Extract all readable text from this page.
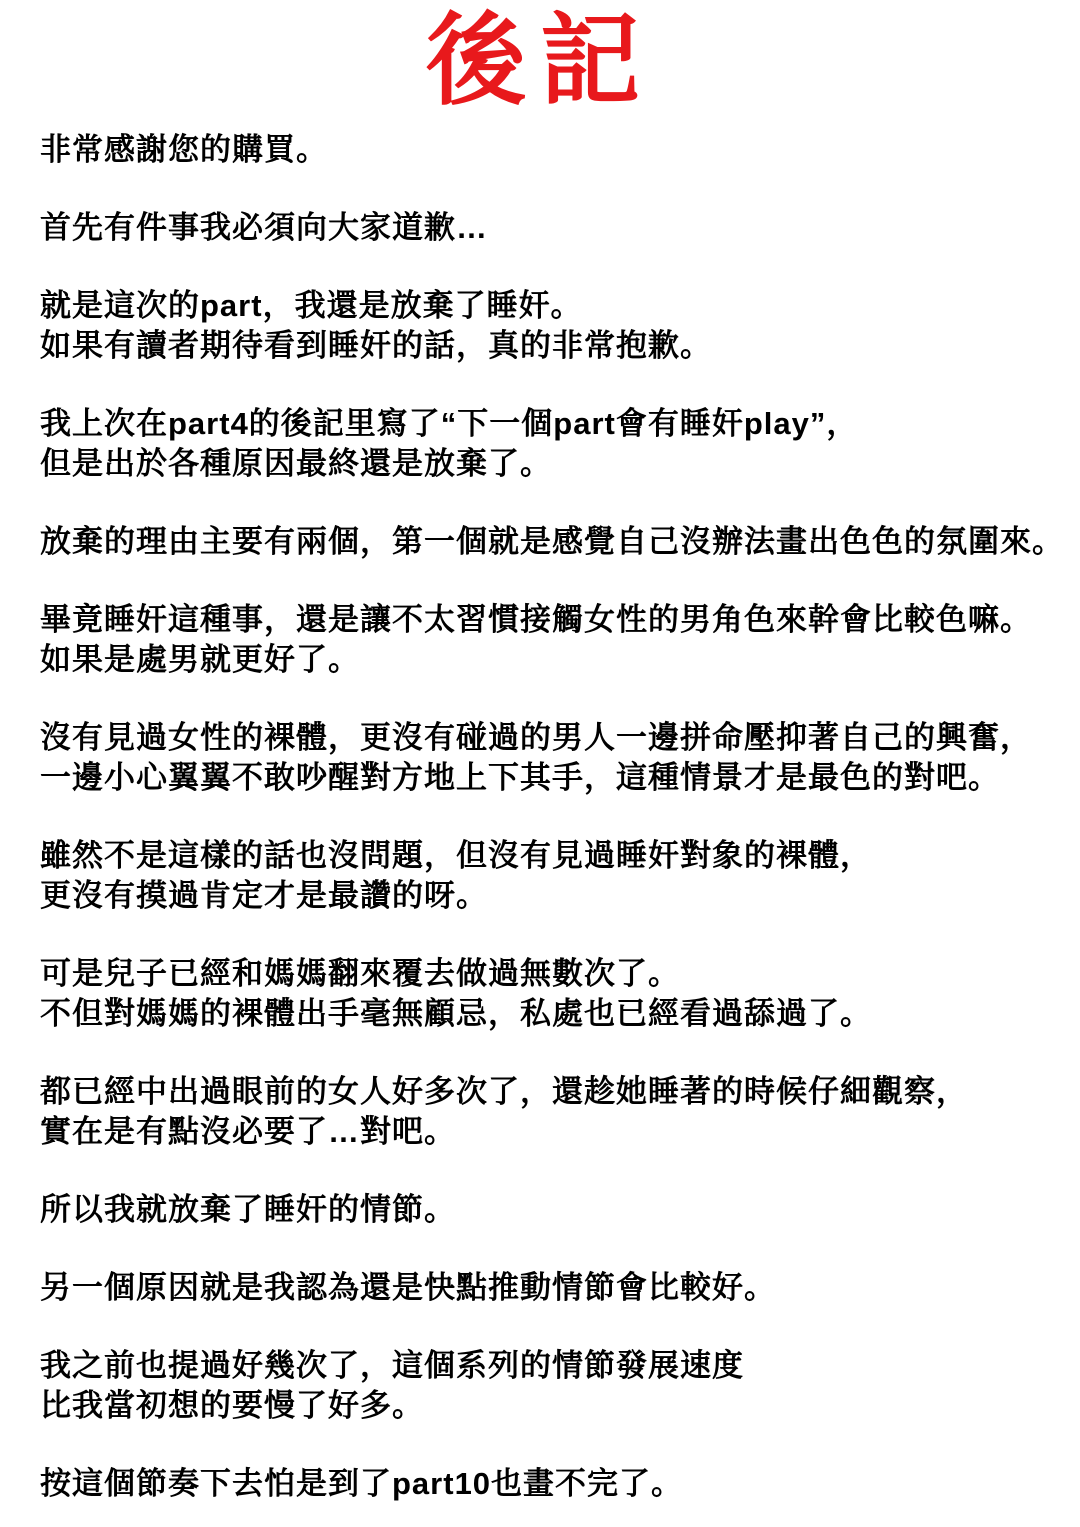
後記

非常感謝您的購買。

首先有件事我必須向大家道歉…

就是這次的part，我還是放棄了睡奸。
如果有讀者期待看到睡奸的話，真的非常抱歉。

我上次在part4的後記里寫了“下一個part會有睡奸play”，
但是出於各種原因最終還是放棄了。

放棄的理由主要有兩個，第一個就是感覺自己沒辦法畫出色色的氛圍來。

畢竟睡奸這種事，還是讓不太習慣接觸女性的男角色來幹會比較色嘛。
如果是處男就更好了。

沒有見過女性的裸體，更沒有碰過的男人一邊拼命壓抑著自己的興奮，
一邊小心翼翼不敢吵醒對方地上下其手，這種情景才是最色的對吧。

雖然不是這樣的話也沒問題，但沒有見過睡奸對象的裸體，
更沒有摸過肯定才是最讚的呀。

可是兒子已經和媽媽翻來覆去做過無數次了。
不但對媽媽的裸體出手毫無顧忌，私處也已經看過舔過了。

都已經中出過眼前的女人好多次了，還趁她睡著的時候仔細觀察，
實在是有點沒必要了…對吧。

所以我就放棄了睡奸的情節。

另一個原因就是我認為還是快點推動情節會比較好。

我之前也提過好幾次了，這個系列的情節發展速度
比我當初想的要慢了好多。

按這個節奏下去怕是到了part10也畫不完了。
